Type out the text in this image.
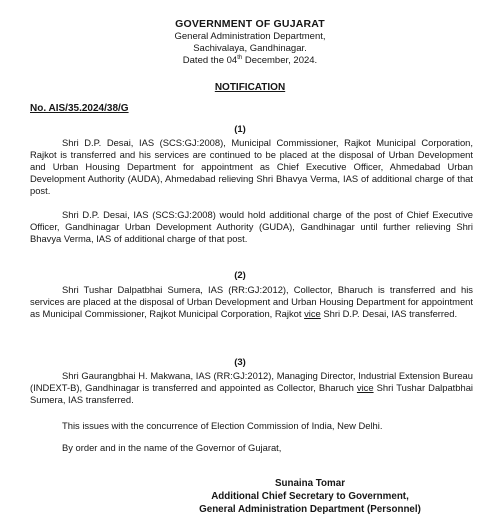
GOVERNMENT OF GUJARAT
General Administration Department,
Sachivalaya, Gandhinagar.
Dated the 04th December, 2024.
NOTIFICATION
No. AIS/35.2024/38/G
(1)
Shri D.P. Desai, IAS (SCS:GJ:2008), Municipal Commissioner, Rajkot Municipal Corporation, Rajkot is transferred and his services are continued to be placed at the disposal of Urban Development and Urban Housing Department for appointment as Chief Executive Officer, Ahmedabad Urban Development Authority (AUDA), Ahmedabad relieving Shri Bhavya Verma, IAS of additional charge of that post.
Shri D.P. Desai, IAS (SCS:GJ:2008) would hold additional charge of the post of Chief Executive Officer, Gandhinagar Urban Development Authority (GUDA), Gandhinagar until further relieving Shri Bhavya Verma, IAS of additional charge of that post.
(2)
Shri Tushar Dalpatbhai Sumera, IAS (RR:GJ:2012), Collector, Bharuch is transferred and his services are placed at the disposal of Urban Development and Urban Housing Department for appointment as Municipal Commissioner, Rajkot Municipal Corporation, Rajkot vice Shri D.P. Desai, IAS transferred.
(3)
Shri Gaurangbhai H. Makwana, IAS (RR:GJ:2012), Managing Director, Industrial Extension Bureau (INDEXT-B), Gandhinagar is transferred and appointed as Collector, Bharuch vice Shri Tushar Dalpatbhai Sumera, IAS transferred.
This issues with the concurrence of Election Commission of India, New Delhi.
By order and in the name of the Governor of Gujarat,
Sunaina Tomar
Additional Chief Secretary to Government,
General Administration Department (Personnel)
